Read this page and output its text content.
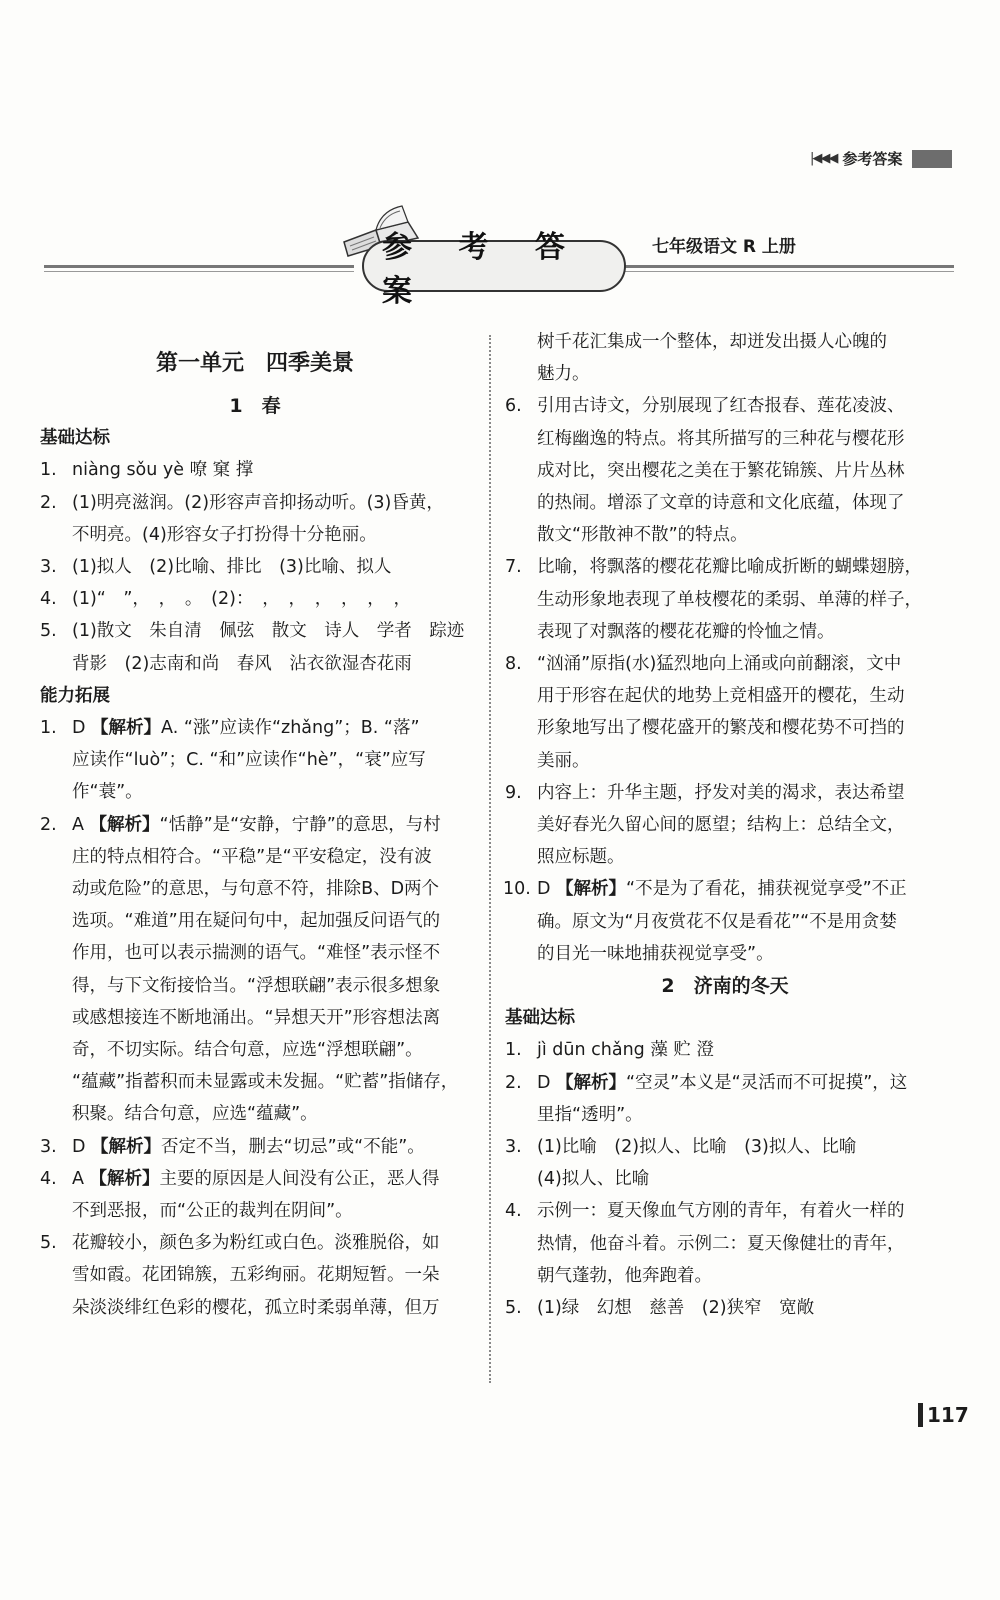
|◀◀◀ 参考答案
参 考 答 案
七年级语文 R 上册
第一单元　四季美景
1　春
基础达标
1. niàng sǒu yè 嘹 窠 撑
2. (1)明亮滋润。(2)形容声音抑扬动听。(3)昏黄，
不明亮。(4)形容女子打扮得十分艳丽。
3. (1)拟人　(2)比喻、排比　(3)比喻、拟人
4. (1)“　”，　，　。　(2)：　，　，　，　，　，　，
5. (1)散文　朱自清　佩弦　散文　诗人　学者　踪迹
背影　(2)志南和尚　春风　沾衣欲湿杏花雨
能力拓展
1. D 【解析】A. “涨”应读作“zhǎng”；B. “落”
应读作“luò”；C. “和”应读作“hè”，“衰”应写
作“蓑”。
2. A 【解析】“恬静”是“安静，宁静”的意思，与村
庄的特点相符合。“平稳”是“平安稳定，没有波
动或危险”的意思，与句意不符，排除B、D两个
选项。“难道”用在疑问句中，起加强反问语气的
作用，也可以表示揣测的语气。“难怪”表示怪不
得，与下文衔接恰当。“浮想联翩”表示很多想象
或感想接连不断地涌出。“异想天开”形容想法离
奇，不切实际。结合句意，应选“浮想联翩”。
“蕴藏”指蓄积而未显露或未发掘。“贮蓄”指储存，
积聚。结合句意，应选“蕴藏”。
3. D 【解析】否定不当，删去“切忌”或“不能”。
4. A 【解析】主要的原因是人间没有公正，恶人得
不到恶报，而“公正的裁判在阴间”。
5. 花瓣较小，颜色多为粉红或白色。淡雅脱俗，如
雪如霞。花团锦簇，五彩绚丽。花期短暂。一朵
朵淡淡绯红色彩的樱花，孤立时柔弱单薄，但万
树千花汇集成一个整体，却迸发出摄人心魄的
魅力。
6. 引用古诗文，分别展现了红杏报春、莲花凌波、
红梅幽逸的特点。将其所描写的三种花与樱花形
成对比，突出樱花之美在于繁花锦簇、片片丛林
的热闹。增添了文章的诗意和文化底蕴，体现了
散文“形散神不散”的特点。
7. 比喻，将飘落的樱花花瓣比喻成折断的蝴蝶翅膀，
生动形象地表现了单枝樱花的柔弱、单薄的样子，
表现了对飘落的樱花花瓣的怜恤之情。
8. “汹涌”原指(水)猛烈地向上涌或向前翻滚，文中
用于形容在起伏的地势上竞相盛开的樱花，生动
形象地写出了樱花盛开的繁茂和樱花势不可挡的
美丽。
9. 内容上：升华主题，抒发对美的渴求，表达希望
美好春光久留心间的愿望；结构上：总结全文，
照应标题。
10. D 【解析】“不是为了看花，捕获视觉享受”不正
确。原文为“月夜赏花不仅是看花”“不是用贪婪
的目光一味地捕获视觉享受”。
2　济南的冬天
基础达标
1. jì dūn chǎng 藻 贮 澄
2. D 【解析】“空灵”本义是“灵活而不可捉摸”，这
里指“透明”。
3. (1)比喻　(2)拟人、比喻　(3)拟人、比喻
(4)拟人、比喻
4. 示例一：夏天像血气方刚的青年，有着火一样的
热情，他奋斗着。示例二：夏天像健壮的青年，
朝气蓬勃，他奔跑着。
5. (1)绿　幻想　慈善　(2)狭窄　宽敞
117
